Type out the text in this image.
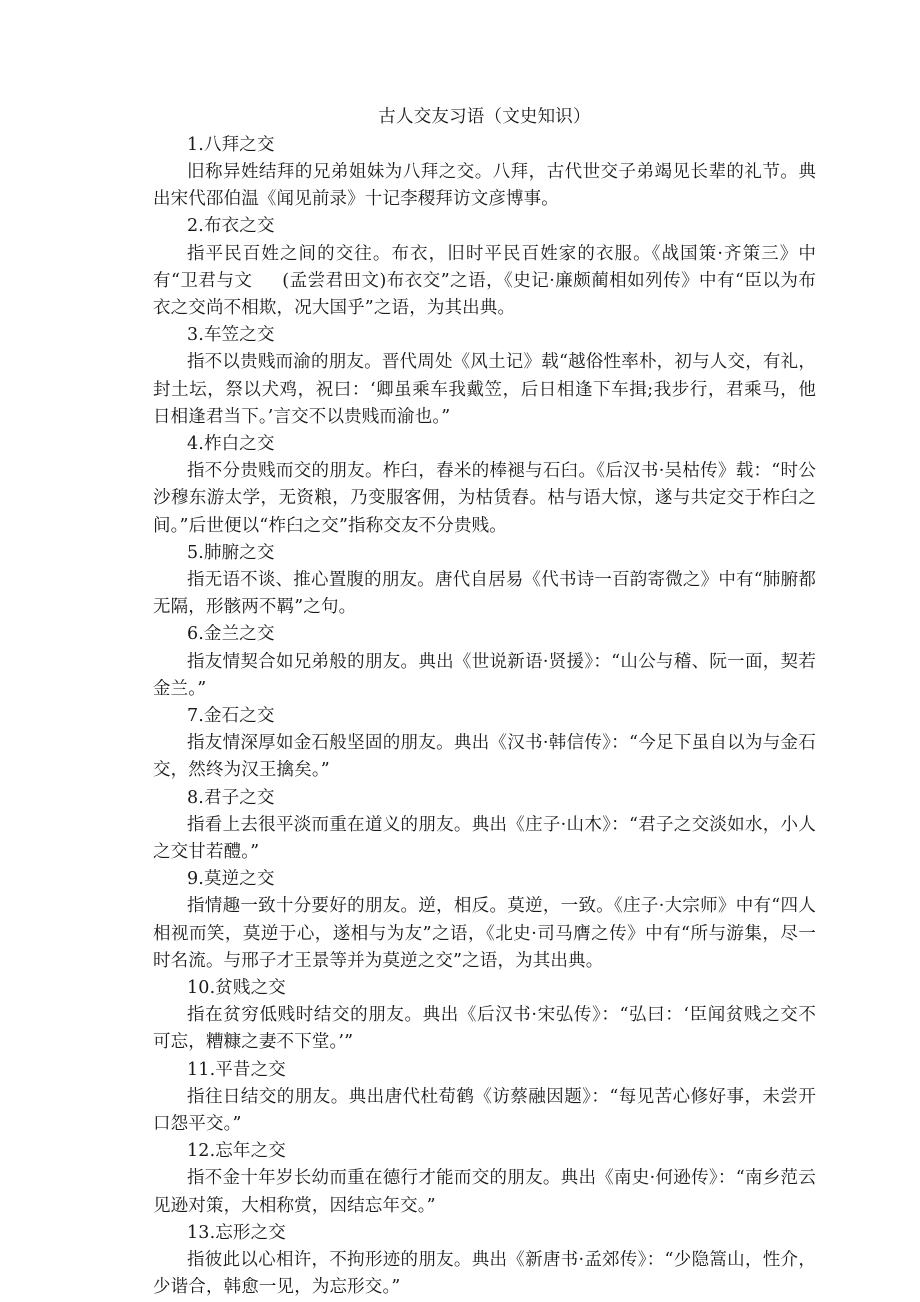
古人交友习语（文史知识）

1.八拜之交

旧称异姓结拜的兄弟姐妹为八拜之交。八拜，古代世交子弟竭见长辈的礼节。典出宋代邵伯温《闻见前录》十记李稷拜访文彦博事。

2.布衣之交

指平民百姓之间的交往。布衣，旧时平民百姓家的衣服。《战国策·齐策三》中有“卫君与文 (孟尝君田文)布衣交”之语，《史记·廉颇蔺相如列传》中有“臣以为布衣之交尚不相欺，况大国乎”之语，为其出典。

3.车笠之交

指不以贵贱而渝的朋友。晋代周处《风土记》载“越俗性率朴，初与人交，有礼，封土坛，祭以犬鸡，祝曰：‘卿虽乘车我戴笠，后日相逢下车揖;我步行，君乘马，他日相逢君当下。’言交不以贵贱而渝也。”

4.柞白之交

指不分贵贱而交的朋友。柞臼，舂米的棒褪与石臼。《后汉书·吴枯传》载：“时公沙穆东游太学，无资粮，乃变服客佣，为枯赁舂。枯与语大惊，遂与共定交于柞臼之间。”后世便以“柞臼之交”指称交友不分贵贱。

5.肺腑之交

指无语不谈、推心置腹的朋友。唐代自居易《代书诗一百韵寄微之》中有“肺腑都无隔，形骸两不羁”之句。

6.金兰之交

指友情契合如兄弟般的朋友。典出《世说新语·贤援》：“山公与稽、阮一面，契若金兰。”

7.金石之交

指友情深厚如金石般坚固的朋友。典出《汉书·韩信传》：“今足下虽自以为与金石交，然终为汉王擒矣。”

8.君子之交

指看上去很平淡而重在道义的朋友。典出《庄子·山木》：“君子之交淡如水，小人之交甘若醴。”

9.莫逆之交

指情趣一致十分要好的朋友。逆，相反。莫逆，一致。《庄子·大宗师》中有“四人相视而笑，莫逆于心，遂相与为友”之语，《北史·司马膺之传》中有“所与游集，尽一时名流。与邢子才王景等并为莫逆之交”之语，为其出典。

10.贫贱之交

指在贫穷低贱时结交的朋友。典出《后汉书·宋弘传》：“弘曰：‘臣闻贫贱之交不可忘，糟糠之妻不下堂。’”

11.平昔之交

指往日结交的朋友。典出唐代杜荀鹤《访蔡融因题》：“每见苦心修好事，未尝开口怨平交。”

12.忘年之交

指不金十年岁长幼而重在德行才能而交的朋友。典出《南史·何逊传》：“南乡范云见逊对策，大相称赏，因结忘年交。”

13.忘形之交

指彼此以心相许，不拘形迹的朋友。典出《新唐书·孟郊传》：“少隐篙山，性介，少谐合，韩愈一见，为忘形交。”
